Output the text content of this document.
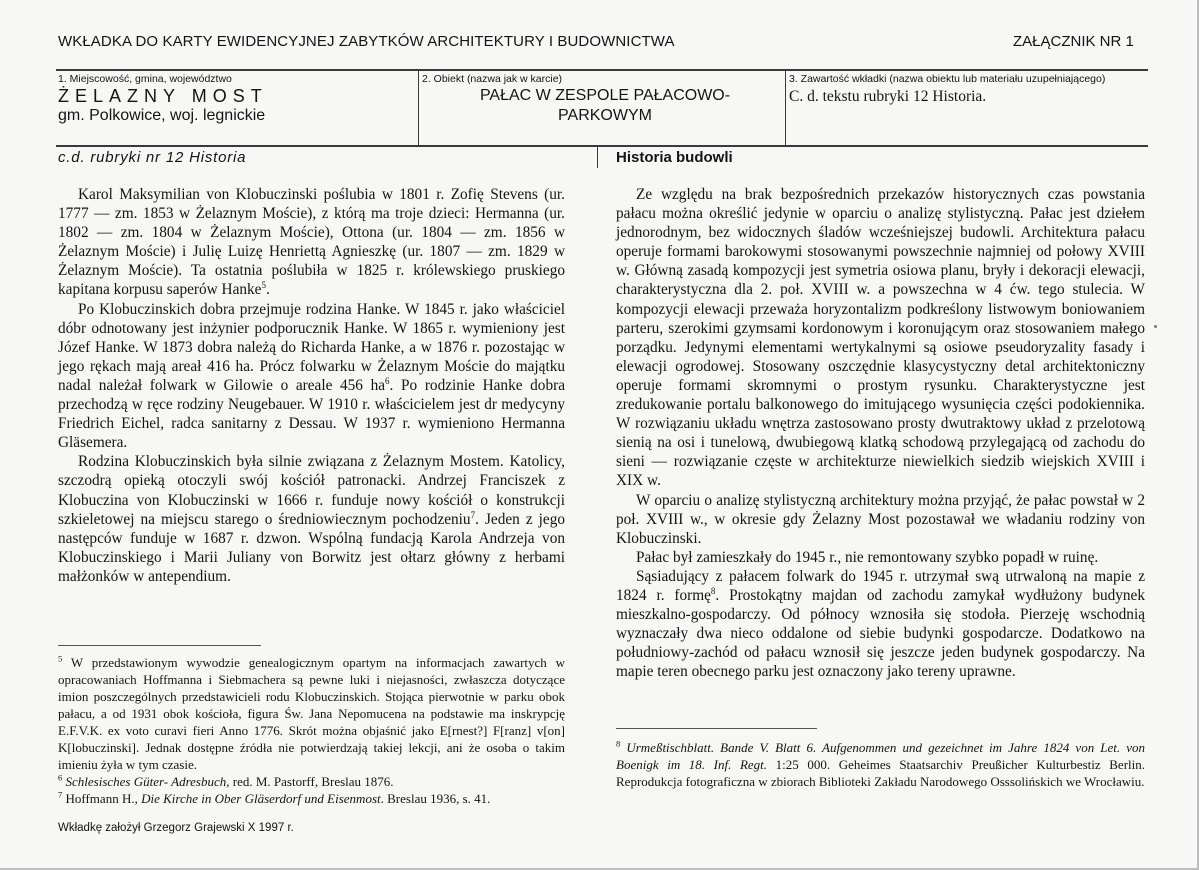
WKŁADKA DO KARTY EWIDENCYJNEJ ZABYTKÓW ARCHITEKTURY I BUDOWNICTWA	ZAŁĄCZNIK NR 1
1. Miejscowość, gmina, województwo
ŻELAZNY MOST
gm. Polkowice, woj. legnickie
2. Obiekt (nazwa jak w karcie)
PAŁAC W ZESPOLE PAŁACOWO-
PARKOWYM
3. Zawartość wkładki (nazwa obiektu lub materiału uzupełniającego)
C. d. tekstu rubryki 12 Historia.
c.d. rubryki nr 12 Historia	Historia budowli

Karol Maksymilian von Klobuczinski poślubia w 1801 r. Zofię Stevens (ur. 1777 — zm. 1853 w Żelaznym Moście), z którą ma troje dzieci: Hermanna (ur. 1802 — zm. 1804 w Żelaznym Moście), Ottona (ur. 1804 — zm. 1856 w Żelaznym Moście) i Julię Luizę Henriettą Agnieszkę (ur. 1807 — zm. 1829 w Żelaznym Moście). Ta ostatnia poślubiła w 1825 r. królewskiego pruskiego kapitana korpusu saperów Hanke$^5$.

Po Klobuczinskich dobra przejmuje rodzina Hanke. W 1845 r. jako właściciel dóbr odnotowany jest inżynier podporucznik Hanke. W 1865 r. wymieniony jest Józef Hanke. W 1873 dobra należą do Richarda Hanke, a w 1876 r. pozostając w jego rękach mają areał 416 ha. Prócz folwarku w Żelaznym Moście do majątku nadal należał folwark w Gilowie o areale 456 $ha^6$. Po rodzinie Hanke dobra przechodzą w ręce rodziny Neugebauer. W 1910 r. właścicielem jest dr medycyny Friedrich Eichel, radca sanitarny z Dessau. W 1937 r. wymieniono Hermanna Gläsemera.

Rodzina Klobuczinskich była silnie związana z Żelaznym Mostem. Katolicy, szczodrą opieką otoczyli swój kościół patronacki. Andrzej Franciszek z Klobuczina von Klobuczinski w 1666 r. funduje nowy kościół o konstrukcji szkieletowej na miejscu starego o średniowiecznym pochodzeniu$^7$. Jeden z jego następców funduje w 1687 r. dzwon. Wspólną fundacją Karola Andrzeja von Klobuczinskiego i Marii Juliany von Borwitz jest ołtarz główny z herbami małżonków w antependium.

$^5$ W przedstawionym wywodzie genealogicznym opartym na informacjach zawartych w opracowaniach Hoffmanna i Siebmachera są pewne luki i niejasności, zwłaszcza dotyczące imion poszczególnych przedstawicieli rodu Klobuczinskich. Stojąca pierwotnie w parku obok pałacu, a od 1931 obok kościoła, figura Św. Jana Nepomucena na podstawie ma inskrypcję E.F.V.K. ex voto curavi fieri Anno 1776. Skrót można objaśnić jako E[rnest?] F[ranz] v[on] K[lobuczinski]. Jednak dostępne źródła nie potwierdzają takiej lekcji, ani że osoba o takim imieniu żyła w tym czasie.

$^6$ Schlesisches Güter- Adresbuch, red. M. Pastorff, Breslau 1876.

$^7$ Hoffmann H., Die Kirche in Ober Gläserdorf und Eisenmost. Breslau 1936, s. 41.

Ze względu na brak bezpośrednich przekazów historycznych czas powstania pałacu można określić jedynie w oparciu o analizę stylistyczną. Pałac jest dziełem jednorodnym, bez widocznych śladów wcześniejszej budowli. Architektura pałacu operuje formami barokowymi stosowanymi powszechnie najmniej od połowy XVIII w. Główną zasadą kompozycji jest symetria osiowa planu, bryły i dekoracji elewacji, charakterystyczna dla 2. poł. XVIII w. a powszechna w 4 ćw. tego stulecia. W kompozycji elewacji przeważa horyzontalizm podkreślony listwowym boniowaniem parteru, szerokimi gzymsami kordonowym i koronującym oraz stosowaniem małego porządku. Jedynymi elementami wertykalnymi są osiowe pseudoryzality fasady i elewacji ogrodowej. Stosowany oszczędnie klasycystyczny detal architektoniczny operuje formami skromnymi o prostym rysunku. Charakterystyczne jest zredukowanie portalu balkonowego do imitującego wysunięcia części podokiennika. W rozwiązaniu układu wnętrza zastosowano prosty dwutraktowy układ z przelotową sienią na osi i tunelową, dwubiegową klatką schodową przylegającą od zachodu do sieni — rozwiązanie częste w architekturze niewielkich siedzib wiejskich XVIII i XIX w.

W oparciu o analizę stylistyczną architektury można przyjąć, że pałac powstał w 2 poł. XVIII w., w okresie gdy Żelazny Most pozostawał we władaniu rodziny von Klobuczinski.

Pałac był zamieszkały do 1945 r., nie remontowany szybko popadł w ruinę.

Sąsiadujący z pałacem folwark do 1945 r. utrzymał swą utrwaloną na mapie z 1824 r. formę$^8$. Prostokątny majdan od zachodu zamykał wydłużony budynek mieszkalno-gospodarczy. Od północy wznosiła się stodoła. Pierzeję wschodnią wyznaczały dwa nieco oddalone od siebie budynki gospodarcze. Dodatkowo na południowy-zachód od pałacu wznosił się jeszcze jeden budynek gospodarczy. Na mapie teren obecnego parku jest oznaczony jako tereny uprawne.

$^8$ Urmeßtischblatt. Bande V. Blatt 6. Aufgenommen und gezeichnet im Jahre 1824 von Let. von Boenigk im 18. Inf. Regt. 1:25 000. Geheimes Staatsarchiv Preußicher Kulturbestiz Berlin. Reprodukcja fotograficzna w zbiorach Biblioteki Zakładu Narodowego Osssolińskich we Wrocławiu.

Wkładkę założył Grzegorz Grajewski X 1997 r.
